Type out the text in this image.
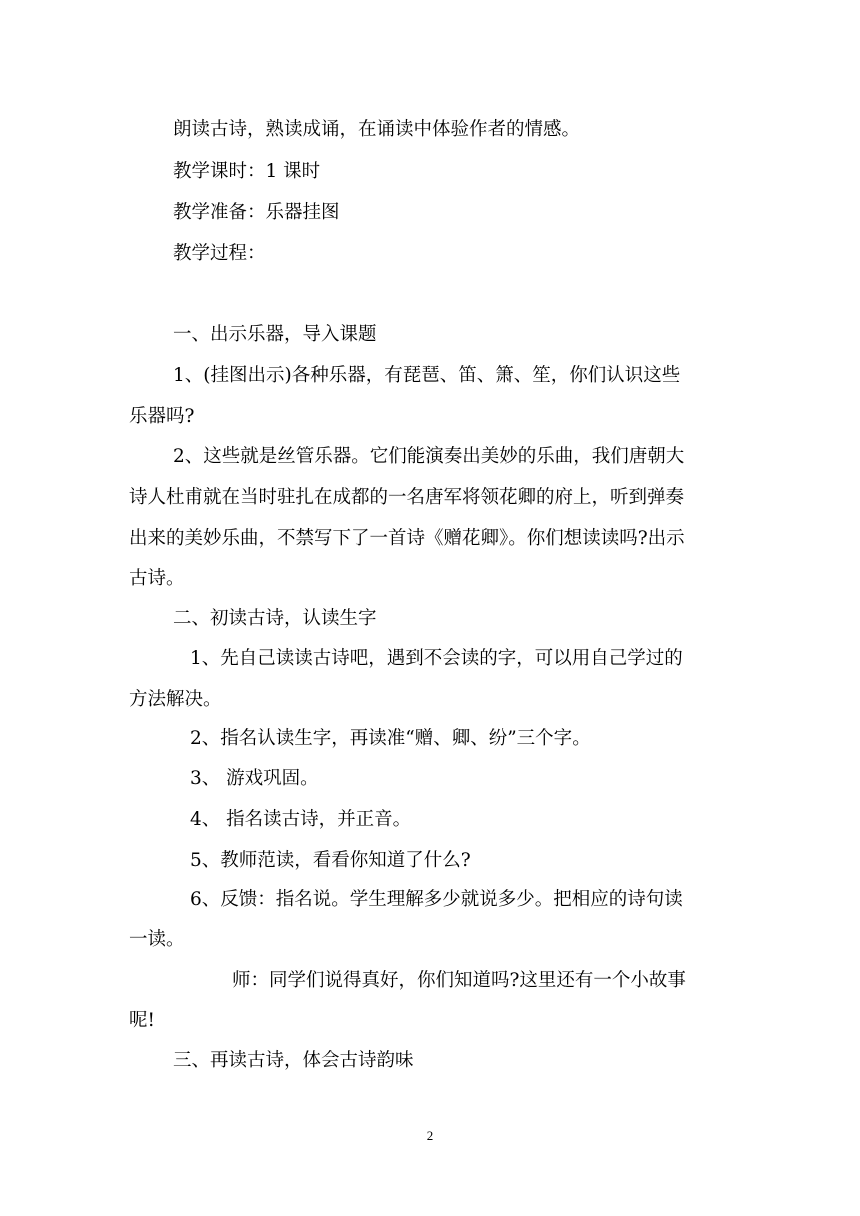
朗读古诗，熟读成诵，在诵读中体验作者的情感。
教学课时：1 课时
教学准备：乐器挂图
教学过程：
一、出示乐器，导入课题
1、(挂图出示)各种乐器，有琵琶、笛、箫、笙，你们认识这些
乐器吗?
2、这些就是丝管乐器。它们能演奏出美妙的乐曲，我们唐朝大
诗人杜甫就在当时驻扎在成都的一名唐军将领花卿的府上，听到弹奏
出来的美妙乐曲，不禁写下了一首诗《赠花卿》。你们想读读吗?出示
古诗。
二、初读古诗，认读生字
1、先自己读读古诗吧，遇到不会读的字，可以用自己学过的
方法解决。
2、指名认读生字，再读准“赠、卿、纷”三个字。
3、 游戏巩固。
4、 指名读古诗，并正音。
5、教师范读，看看你知道了什么?
6、反馈：指名说。学生理解多少就说多少。把相应的诗句读
一读。
师：同学们说得真好，你们知道吗?这里还有一个小故事
呢!
三、再读古诗，体会古诗韵味
2
